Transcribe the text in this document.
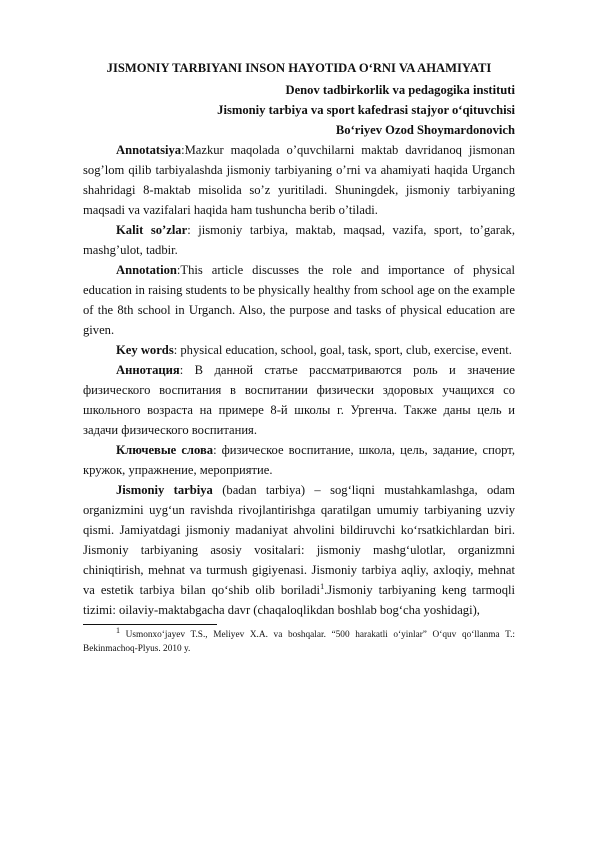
JISMONIY TARBIYANI INSON HAYOTIDA O‘RNI VA AHAMIYATI
Denov tadbirkorlik va pedagogika instituti
Jismoniy tarbiya va sport kafedrasi stajyor o‘qituvchisi
Bo‘riyev Ozod Shoymardonovich

Annotatsiya:Mazkur maqolada o’quvchilarni maktab davridanoq jismonan sog’lom qilib tarbiyalashda jismoniy tarbiyaning o’rni va ahamiyati haqida Urganch shahridagi 8-maktab misolida so’z yuritiladi. Shuningdek, jismoniy tarbiyaning maqsadi va vazifalari haqida ham tushuncha berib o’tiladi.

Kalit so’zlar: jismoniy tarbiya, maktab, maqsad, vazifa, sport, to’garak, mashg’ulot, tadbir.

Annotation:This article discusses the role and importance of physical education in raising students to be physically healthy from school age on the example of the 8th school in Urganch. Also, the purpose and tasks of physical education are given.

Key words: physical education, school, goal, task, sport, club, exercise, event.

Аннотация: В данной статье рассматриваются роль и значение физического воспитания в воспитании физически здоровых учащихся со школьного возраста на примере 8-й школы г. Ургенча. Также даны цель и задачи физического воспитания.

Ключевые слова: физическое воспитание, школа, цель, задание, спорт, кружок, упражнение, мероприятие.

Jismoniy tarbiya (badan tarbiya) – sog‘liqni mustahkamlashga, odam organizmini uyg‘un ravishda rivojlantirishga qaratilgan umumiy tarbiyaning uzviy qismi. Jamiyatdagi jismoniy madaniyat ahvolini bildiruvchi ko‘rsatkichlardan biri. Jismoniy tarbiyaning asosiy vositalari: jismoniy mashg‘ulotlar, organizmni chiniqtirish, mehnat va turmush gigiyenasi. Jismoniy tarbiya aqliy, axloqiy, mehnat va estetik tarbiya bilan qo‘shib olib boriladi$^1$.Jismoniy tarbiyaning keng tarmoqli tizimi: oilaviy-maktabgacha davr (chaqaloqlikdan boshlab bog‘cha yoshidagi),

$^1$ Usmonxo‘jayev T.S., Meliyev X.A. va boshqalar. “500 harakatli o‘yinlar” O‘quv qo‘llanma T.: Bekinmachoq-Plyus. 2010 y.
